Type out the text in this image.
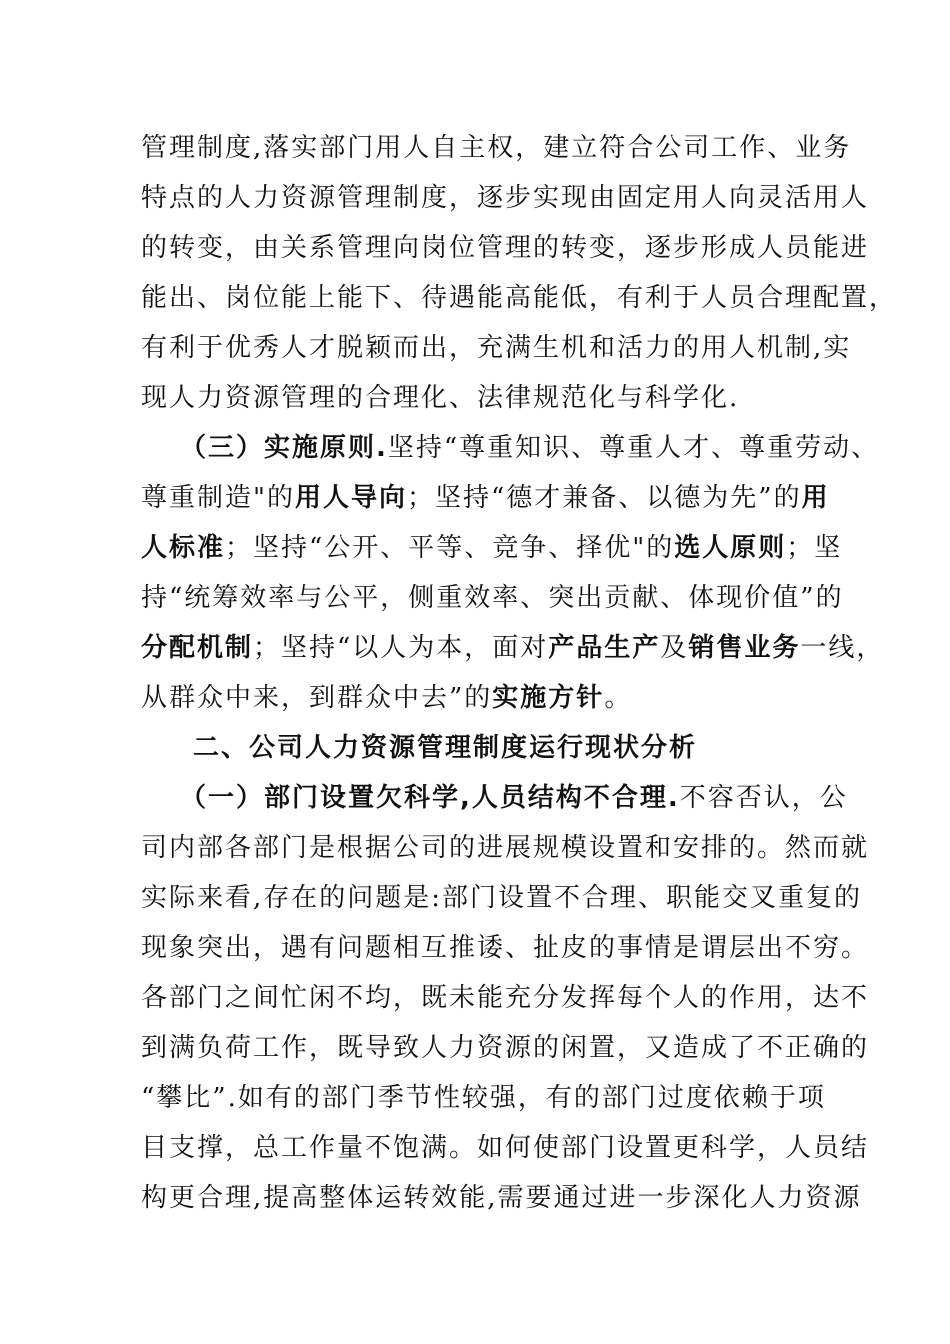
管理制度,落实部门用人自主权，建立符合公司工作、业务
特点的人力资源管理制度，逐步实现由固定用人向灵活用人
的转变，由关系管理向岗位管理的转变，逐步形成人员能进
能出、岗位能上能下、待遇能高能低，有利于人员合理配置，
有利于优秀人才脱颖而出，充满生机和活力的用人机制,实
现人力资源管理的合理化、法律规范化与科学化.
（三）实施原则.坚持“尊重知识、尊重人才、尊重劳动、
尊重制造"的用人导向；坚持“德才兼备、以德为先”的用
人标准；坚持“公开、平等、竞争、择优"的选人原则；坚
持“统筹效率与公平，侧重效率、突出贡献、体现价值”的
分配机制；坚持“以人为本，面对产品生产及销售业务一线，
从群众中来，到群众中去”的实施方针。
二、公司人力资源管理制度运行现状分析
（一）部门设置欠科学,人员结构不合理.不容否认，公
司内部各部门是根据公司的进展规模设置和安排的。然而就
实际来看,存在的问题是:部门设置不合理、职能交叉重复的
现象突出，遇有问题相互推诿、扯皮的事情是谓层出不穷。
各部门之间忙闲不均，既未能充分发挥每个人的作用，达不
到满负荷工作，既导致人力资源的闲置，又造成了不正确的
“攀比”.如有的部门季节性较强，有的部门过度依赖于项
目支撑，总工作量不饱满。如何使部门设置更科学，人员结
构更合理,提高整体运转效能,需要通过进一步深化人力资源
